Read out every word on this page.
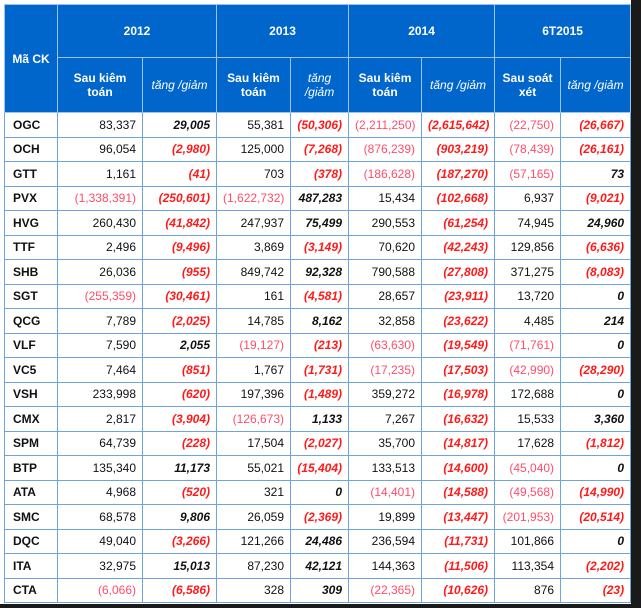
Mã CK	2012		2013		2014		6T2015	
	Sau kiêm toán	tăng /giảm	Sau kiêm toán	tăng /giảm	Sau kiêm toán	tăng /giảm	Sau soát xét	tăng /giảm
OGC	83,337	29,005	55,381	(50,306)	(2,211,250)	(2,615,642)	(22,750)	(26,667)
OCH	96,054	(2,980)	125,000	(7,268)	(876,239)	(903,219)	(78,439)	(26,161)
GTT	1,161	(41)	703	(378)	(186,628)	(187,270)	(57,165)	73
PVX	(1,338,391)	(250,601)	(1,622,732)	487,283	15,434	(102,668)	6,937	(9,021)
HVG	260,430	(41,842)	247,937	75,499	290,553	(61,254)	74,945	24,960
TTF	2,496	(9,496)	3,869	(3,149)	70,620	(42,243)	129,856	(6,636)
SHB	26,036	(955)	849,742	92,328	790,588	(27,808)	371,275	(8,083)
SGT	(255,359)	(30,461)	161	(4,581)	28,657	(23,911)	13,720	0
QCG	7,789	(2,025)	14,785	8,162	32,858	(23,622)	4,485	214
VLF	7,590	2,055	(19,127)	(213)	(63,630)	(19,549)	(71,761)	0
VC5	7,464	(851)	1,767	(1,731)	(17,235)	(17,503)	(42,990)	(28,290)
VSH	233,998	(620)	197,396	(1,489)	359,272	(16,978)	172,688	0
CMX	2,817	(3,904)	(126,673)	1,133	7,267	(16,632)	15,533	3,360
SPM	64,739	(228)	17,504	(2,027)	35,700	(14,817)	17,628	(1,812)
BTP	135,340	11,173	55,021	(15,404)	133,513	(14,600)	(45,040)	0
ATA	4,968	(520)	321	0	(14,401)	(14,588)	(49,568)	(14,990)
SMC	68,578	9,806	26,059	(2,369)	19,899	(13,447)	(201,953)	(20,514)
DQC	49,040	(3,266)	121,266	24,486	236,594	(11,731)	101,866	0
ITA	32,975	15,013	87,230	42,121	144,363	(11,506)	113,354	(2,202)
CTA	(6,066)	(6,586)	328	309	(22,365)	(10,626)	876	(23)
